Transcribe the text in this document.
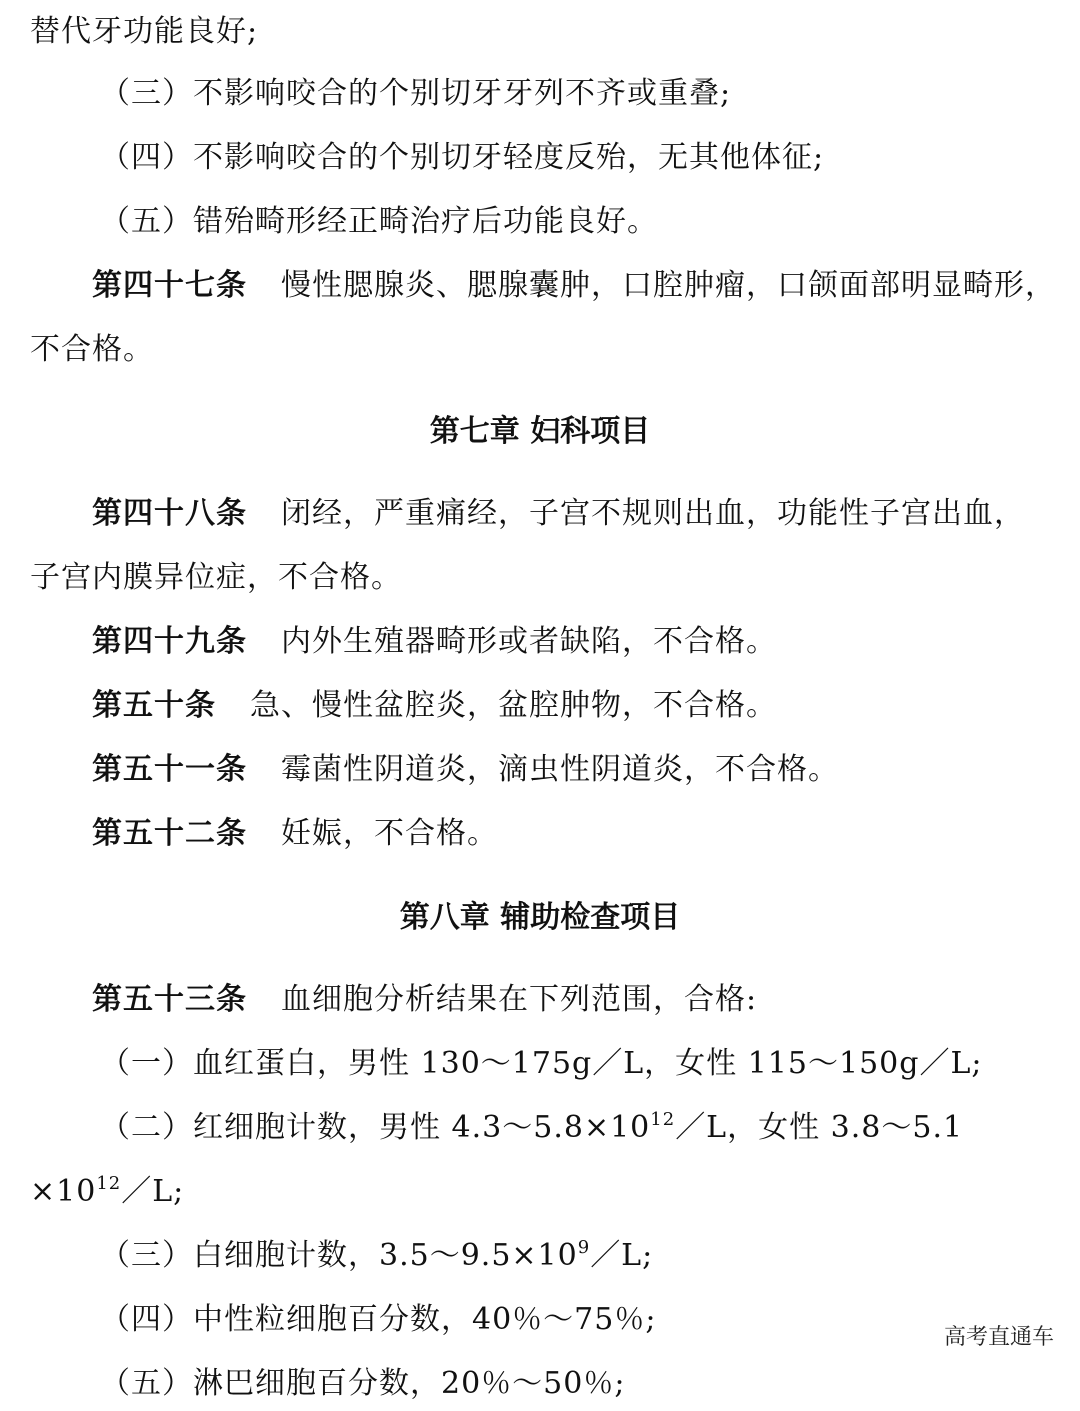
替代牙功能良好;
（三）不影响咬合的个别切牙牙列不齐或重叠;
（四）不影响咬合的个别切牙轻度反殆，无其他体征;
（五）错殆畸形经正畸治疗后功能良好。
第四十七条 慢性腮腺炎、腮腺囊肿，口腔肿瘤，口颌面部明显畸形，
不合格。
第七章 妇科项目
第四十八条 闭经，严重痛经，子宫不规则出血，功能性子宫出血，
子宫内膜异位症，不合格。
第四十九条 内外生殖器畸形或者缺陷，不合格。
第五十条 急、慢性盆腔炎，盆腔肿物，不合格。
第五十一条 霉菌性阴道炎，滴虫性阴道炎，不合格。
第五十二条 妊娠，不合格。
第八章 辅助检查项目
第五十三条 血细胞分析结果在下列范围，合格:
（一）血红蛋白，男性 130～175g／L，女性 115～150g／L;
（二）红细胞计数，男性 $4.3\sim 5.8\times 10^{12}/L$，女性 3.8～5.1
$\times 10^{12}/L$;
（三）白细胞计数，$3.5\sim 9.5\times 10^9/L$;
（四）中性粒细胞百分数，40％～75％;
（五）淋巴细胞百分数，20％～50％;
高考直通车
